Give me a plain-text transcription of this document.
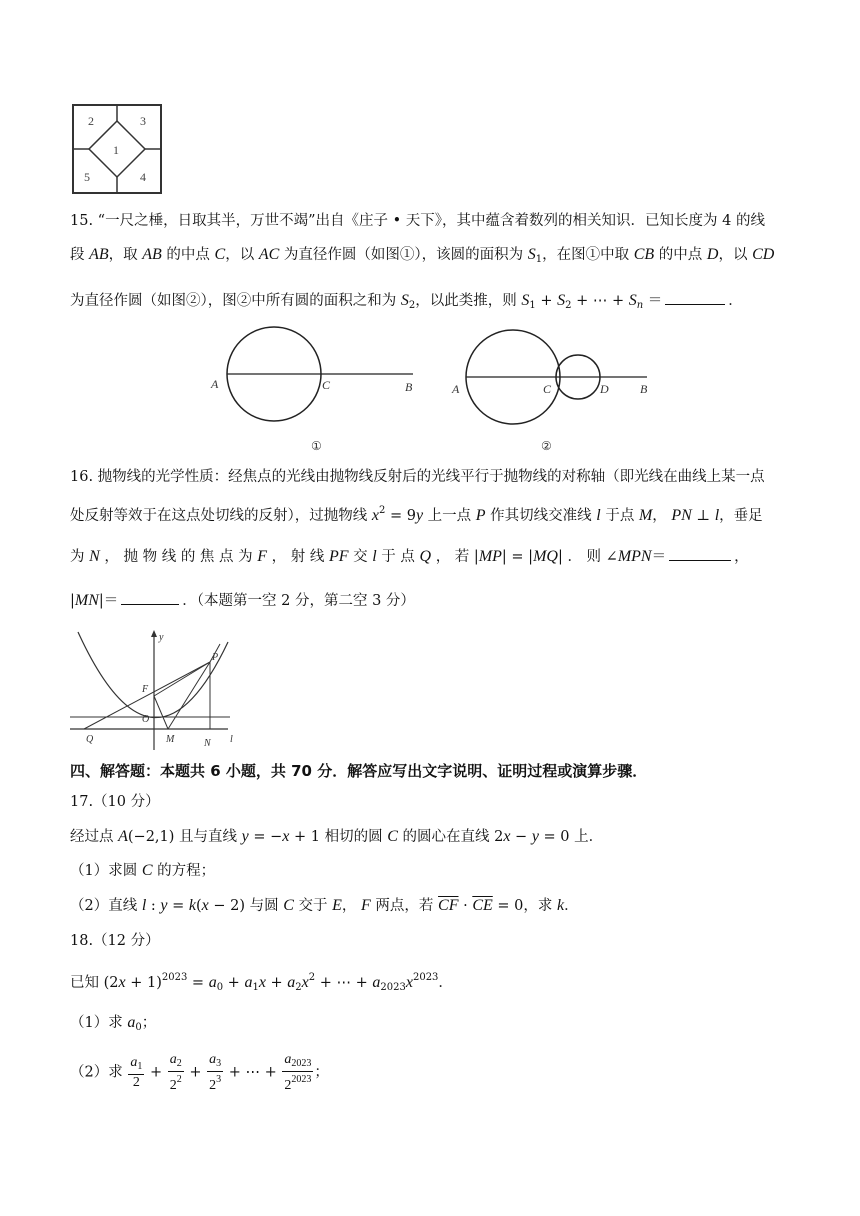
2	3
1
5	4
15. “一尺之棰，日取其半，万世不竭”出自《庄子 • 天下》，其中蕴含着数列的相关知识．已知长度为 4 的线
段 AB，取 AB 的中点 C，以 AC 为直径作圆（如图①），该圆的面积为 $S_1$，在图①中取 CB 的中点 D，以 CD
为直径作圆（如图②），图②中所有圆的面积之和为 $S_2$，以此类推，则 $S_1 + S_2$ + ⋯ + $S_n$ ＝	．
A	C	B
①
A	C	D	B
②
16. 抛物线的光学性质：经焦点的光线由抛物线反射后的光线平行于抛物线的对称轴（即光线在曲线上某一点
处反射等效于在这点处切线的反射），过抛物线 $x^2 = 9y$ 上一点 P 作其切线交准线 l 于点 M， PN ⊥ l，垂足
为 N ， 抛 物 线 的 焦 点 为 F ， 射 线 PF 交 l 于 点 Q ， 若 |MP| = |MQ| ． 则 ∠MPN＝	，
|MN|＝	．（本题第一空 2 分，第二空 3 分）
y
P
F
O
M	N
Q	l
四、解答题：本题共 6 小题，共 70 分．解答应写出文字说明、证明过程或演算步骤．
17.（10 分）
经过点 A(−2,1) 且与直线 y = −x + 1 相切的圆 C 的圆心在直线 2x − y = 0 上．
（1）求圆 C 的方程；
（2）直线 l : y = k(x − 2) 与圆 C 交于 E， F 两点，若 $\overline{CF} \cdot \overline{CE} = 0$，求 k．
18.（12 分）
已知 $(2x + 1)^{2023} = a_0 + a_1x + a_2x^2$ + ⋯ + $a_{2023}x^{2023}$．
（1）求 $a_0$；
（2）求 $\frac{a_1}{2} + \frac{a_2}{2^2} + \frac{a_3}{2^3}$ + ⋯ + $\frac{a_{2023}}{2^{2023}}$ ；
